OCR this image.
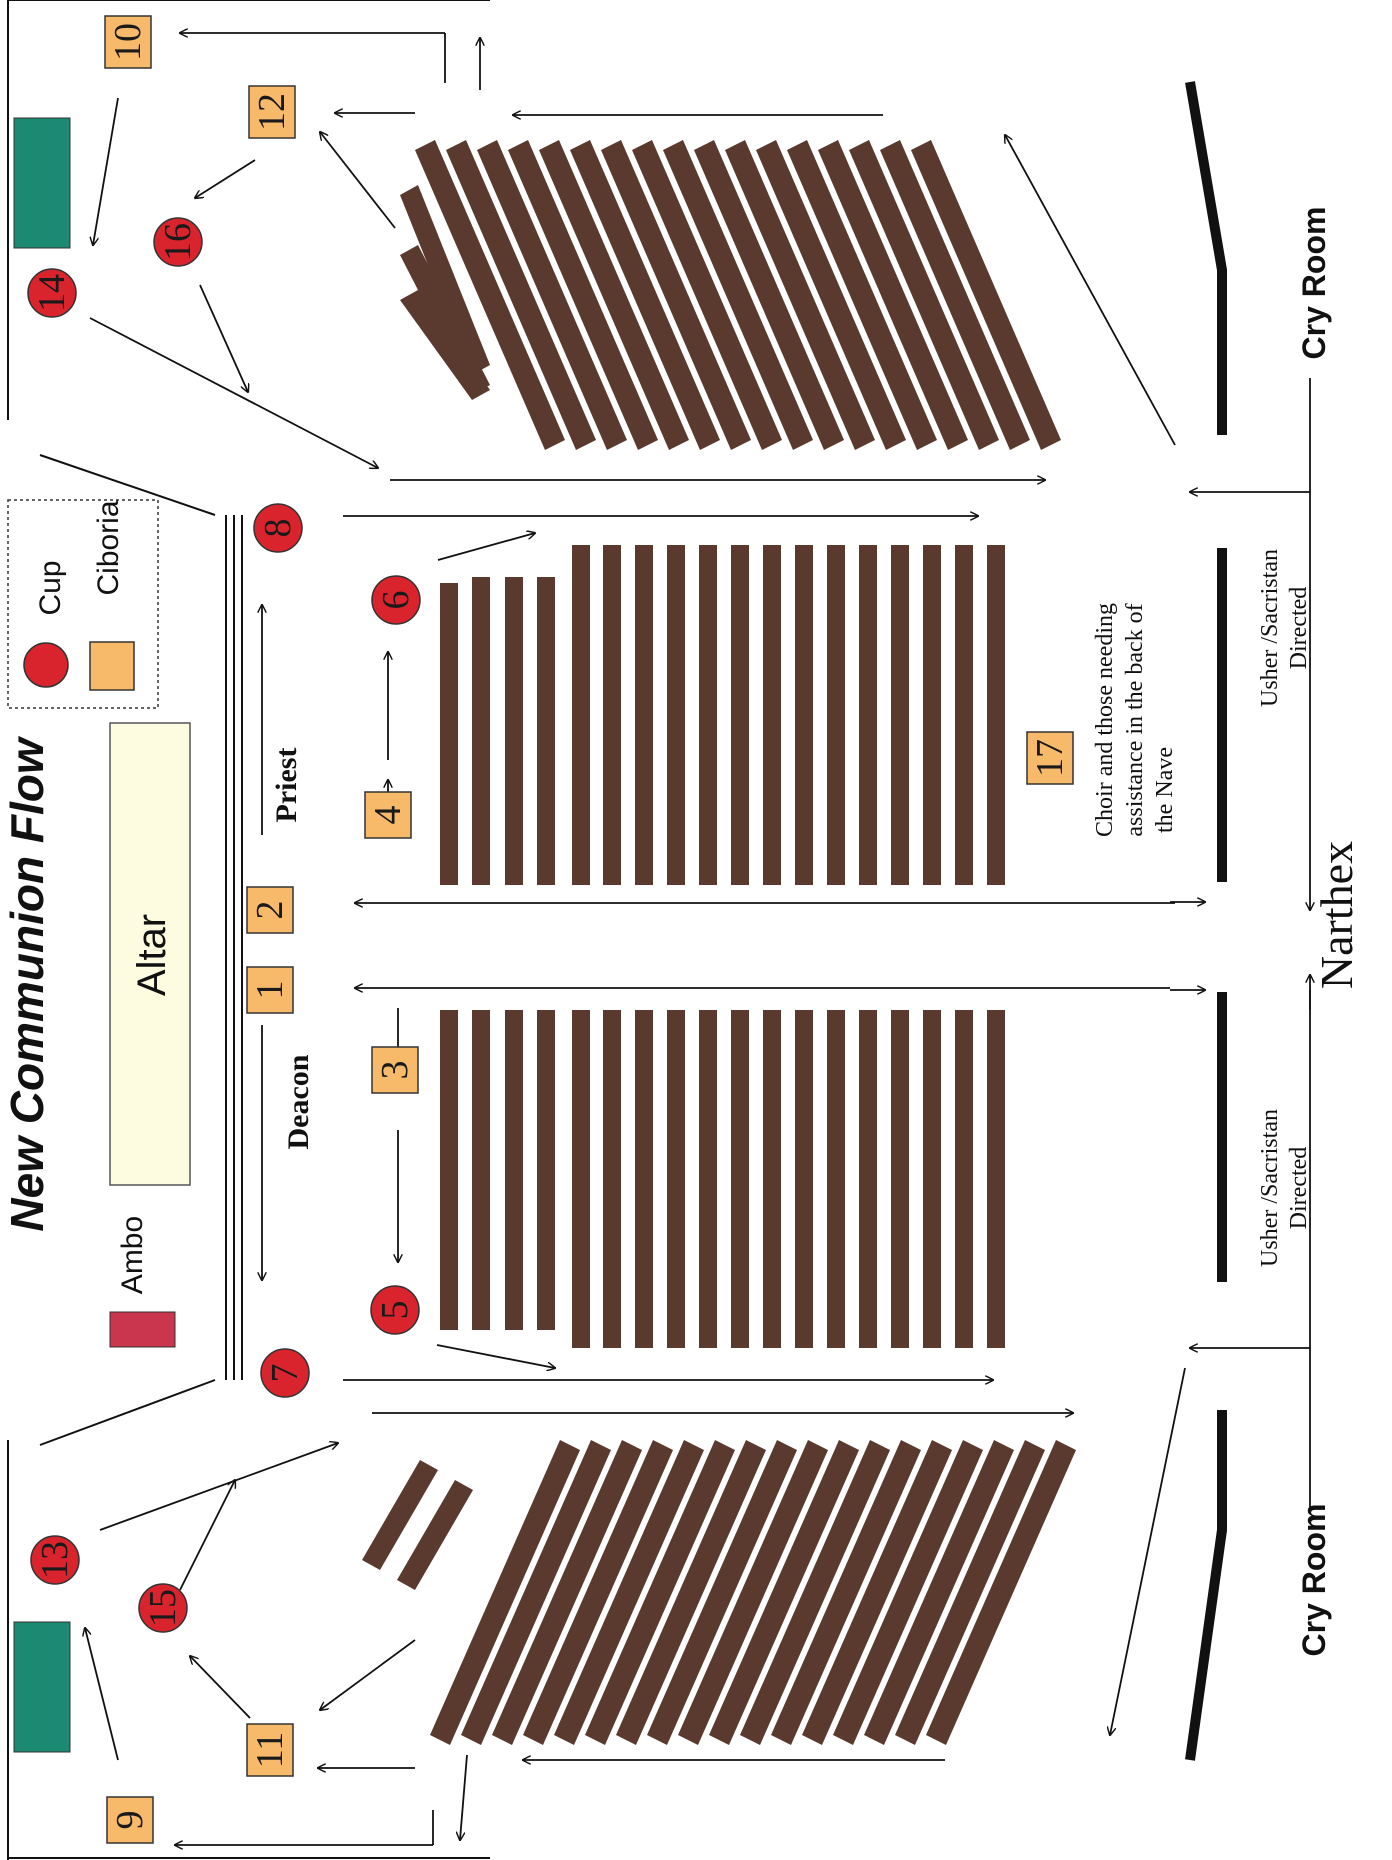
Altar
Ambo
New Communion Flow
Cup Ciboria
Priest
Deacon
Cry Room
Cry Room
Narthex
Usher /Sacristan Directed
Usher /Sacristan Directed
Choir and those needing assistance in the back of the Nave
1
2
3
4
5
6
7
8
9
10
11
12
13
14
15
16
17
